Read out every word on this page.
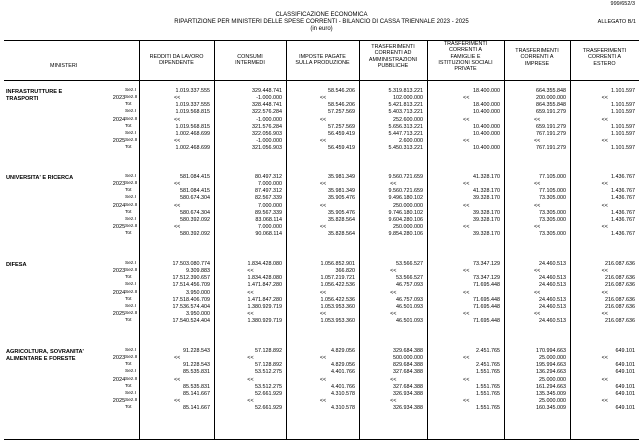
999/652/3
CLASSIFICAZIONE ECONOMICA
RIPARTIZIONE PER MINISTERI DELLE SPESE CORRENTI - BILANCIO DI CASSA TRIENNALE 2023 - 2025
(in euro)
ALLEGATO B/1
MINISTERI
REDDITI DA LAVORO
DIPENDENTE
CONSUMI
INTERMEDI
IMPOSTE PAGATE
SULLA PRODUZIONE
TRASFERIMENTI
CORRENTI AD
AMMINISTRAZIONI
PUBBLICHE
TRASFERIMENTI
CORRENTI A
FAMIGLIE E
ISTITUZIONI SOCIALI
PRIVATE
TRASFERIMENTI
CORRENTI A
IMPRESE
TRASFERIMENTI
CORRENTI A
ESTERO
INFRASTRUTTURE E
TRASPORTI	2023
Sez.I	1.019.337.555	329.448.741	58.546.206	5.319.813.221	18.400.000	664.355.848	1.101.597
Sez.II	<<	-1.000.000	<<	102.000.000	<<	200.000.000	<<
Tot	1.019.337.555	328.448.741	58.546.206	5.421.813.221	18.400.000	864.355.848	1.101.597
2024
Sez.I	1.019.568.815	322.576.284	57.257.569	5.403.713.221	10.400.000	659.191.279	1.101.597
Sez.II	<<	-1.000.000	<<	252.600.000	<<	<<	<<
Tot	1.019.568.815	321.576.284	57.257.569	5.656.313.221	10.400.000	659.191.279	1.101.597
2025
Sez.I	1.002.468.699	322.056.903	56.459.419	5.447.713.221	10.400.000	767.191.279	1.101.597
Sez.II	<<	-1.000.000	<<	2.600.000	<<	<<	<<
Tot	1.002.468.699	321.056.903	56.459.419	5.450.313.221	10.400.000	767.191.279	1.101.597
UNIVERSITA' E RICERCA
2023
Sez.I	581.084.415	80.497.312	35.981.349	9.560.721.659	41.328.170	77.105.000	1.436.767
Sez.II	<<	7.000.000	<<	<<	<<	<<	<<
Tot	581.084.415	87.497.312	35.981.349	9.560.721.659	41.328.170	77.105.000	1.436.767
2024
Sez.I	580.674.304	82.567.339	35.905.476	9.496.180.102	39.328.170	73.305.000	1.436.767
Sez.II	<<	7.000.000	<<	250.000.000	<<	<<	<<
Tot	580.674.304	89.567.339	35.905.476	9.746.180.102	39.328.170	73.305.000	1.436.767
2025
Sez.I	580.392.092	83.068.114	35.828.564	9.604.280.106	39.328.170	73.305.000	1.436.767
Sez.II	<<	7.000.000	<<	250.000.000	<<	<<	<<
Tot	580.392.092	90.068.114	35.828.564	9.854.280.106	39.328.170	73.305.000	1.436.767
DIFESA
2023
Sez.I	17.503.080.774	1.834.428.080	1.056.852.901	53.566.527	73.347.129	24.460.513	216.087.636
Sez.II	9.309.883	<<	366.820	<<	<<	<<	<<
Tot	17.512.390.657	1.834.428.080	1.057.219.721	53.566.527	73.347.129	24.460.513	216.087.636
2024
Sez.I	17.514.456.709	1.471.847.280	1.056.422.536	46.757.093	71.695.448	24.460.513	216.087.636
Sez.II	3.950.000	<<	<<	<<	<<	<<	<<
Tot	17.518.406.709	1.471.847.280	1.056.422.536	46.757.093	71.695.448	24.460.513	216.087.636
2025
Sez.I	17.536.574.404	1.380.929.719	1.053.953.360	46.501.093	71.695.448	24.460.513	216.087.636
Sez.II	3.950.000	<<	<<	<<	<<	<<	<<
Tot	17.540.524.404	1.380.929.719	1.053.953.360	46.501.093	71.695.448	24.460.513	216.087.636
AGRICOLTURA, SOVRANITA'
ALIMENTARE E FORESTE	2023
Sez.I	91.228.543	57.128.892	4.829.056	329.684.388	2.451.765	170.994.663	649.101
Sez.II	<<	<<	<<	500.000.000	<<	25.000.000	<<
Tot	91.228.543	57.128.892	4.829.056	829.684.388	2.451.765	195.994.663	649.101
2024
Sez.I	85.535.831	53.512.275	4.401.766	327.684.388	1.551.765	136.294.663	649.101
Sez.II	<<	<<	<<	<<	<<	25.000.000	<<
Tot	85.535.831	53.512.275	4.401.766	327.684.388	1.551.765	161.294.663	649.101
2025
Sez.I	85.141.667	52.661.929	4.310.578	326.934.388	1.551.765	135.345.009	649.101
Sez.II	<<	<<	<<	<<	<<	25.000.000	<<
Tot	85.141.667	52.661.929	4.310.578	326.934.388	1.551.765	160.345.009	649.101
